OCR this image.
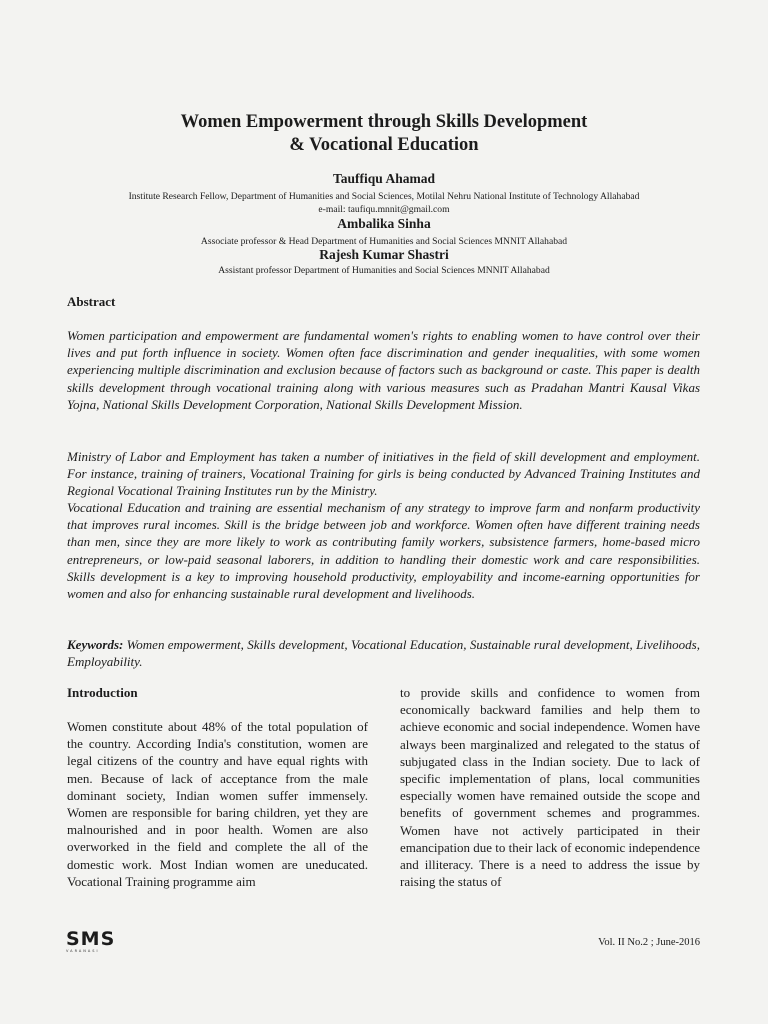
Women Empowerment through Skills Development
& Vocational Education
Tauffiqu Ahamad
Institute Research Fellow, Department of Humanities and Social Sciences, Motilal Nehru National Institute of Technology Allahabad
e-mail: taufiqu.mnnit@gmail.com
Ambalika Sinha
Associate professor & Head Department of Humanities and Social Sciences MNNIT Allahabad
Rajesh Kumar Shastri
Assistant professor Department of Humanities and Social Sciences MNNIT Allahabad
Abstract
Women participation and empowerment are fundamental women's rights to enabling women to have control over their lives and put forth influence in society. Women often face discrimination and gender inequalities, with some women experiencing multiple discrimination and exclusion because of factors such as background or caste. This paper is dealth skills development through vocational training along with various measures such as Pradahan Mantri Kausal Vikas Yojna, National Skills Development Corporation, National Skills Development Mission.
Ministry of Labor and Employment has taken a number of initiatives in the field of skill development and employment. For instance, training of trainers, Vocational Training for girls is being conducted by Advanced Training Institutes and Regional Vocational Training Institutes run by the Ministry.
Vocational Education and training are essential mechanism of any strategy to improve farm and nonfarm productivity that improves rural incomes. Skill is the bridge between job and workforce. Women often have different training needs than men, since they are more likely to work as contributing family workers, subsistence farmers, home-based micro entrepreneurs, or low-paid seasonal laborers, in addition to handling their domestic work and care responsibilities. Skills development is a key to improving household productivity, employability and income-earning opportunities for women and also for enhancing sustainable rural development and livelihoods.
Keywords: Women empowerment, Skills development, Vocational Education, Sustainable rural development, Livelihoods, Employability.
Introduction
Women constitute about 48% of the total population of the country. According India's constitution, women are legal citizens of the country and have equal rights with men. Because of lack of acceptance from the male dominant society, Indian women suffer immensely. Women are responsible for baring children, yet they are malnourished and in poor health. Women are also overworked in the field and complete the all of the domestic work. Most Indian women are uneducated. Vocational Training programme aim
to provide skills and confidence to women from economically backward families and help them to achieve economic and social independence. Women have always been marginalized and relegated to the status of subjugated class in the Indian society. Due to lack of specific implementation of plans, local communities especially women have remained outside the scope and benefits of government schemes and programmes. Women have not actively participated in their emancipation due to their lack of economic independence and illiteracy. There is a need to address the issue by raising the status of
SMS
VARANASI
Vol. II No.2 ; June-2016
